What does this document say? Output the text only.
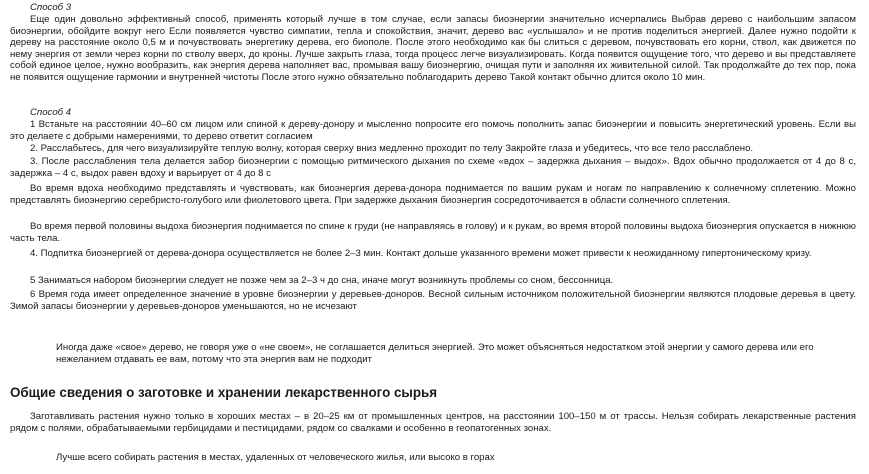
Способ 3

Еще один довольно эффективный способ, применять который лучше в том случае, если запасы биоэнергии значительно исчерпались Выбрав дерево с наибольшим запасом биоэнергии, обойдите вокруг него Если появляется чувство симпатии, тепла и спокойствия, значит, дерево вас «услышало» и не против поделиться энергией. Далее нужно подойти к дереву на расстояние около 0,5 м и почувствовать энергетику дерева, его биополе. После этого необходимо как бы слиться с деревом, почувствовать его корни, ствол, как движется по нему энергия от земли через корни по стволу вверх, до кроны. Лучше закрыть глаза, тогда процесс легче визуализировать. Когда появится ощущение того, что дерево и вы представляете собой единое целое, нужно вообразить, как энергия дерева наполняет вас, промывая вашу биоэнергию, очищая пути и заполняя их живительной силой. Так продолжайте до тех пор, пока не появится ощущение гармонии и внутренней чистоты После этого нужно обязательно поблагодарить дерево Такой контакт обычно длится около 10 мин.

Способ 4

1 Встаньте на расстоянии 40–60 см лицом или спиной к дереву-донору и мысленно попросите его помочь пополнить запас биоэнергии и повысить энергетический уровень. Если вы это делаете с добрыми намерениями, то дерево ответит согласием

2. Расслабьтесь, для чего визуализируйте теплую волну, которая сверху вниз медленно проходит по телу Закройте глаза и убедитесь, что все тело расслаблено.

3. После расслабления тела делается забор биоэнергии с помощью ритмического дыхания по схеме «вдох – задержка дыхания – выдох». Вдох обычно продолжается от 4 до 8 с, задержка – 4 с, выдох равен вдоху и варьирует от 4 до 8 с

Во время вдоха необходимо представлять и чувствовать, как биоэнергия дерева-донора поднимается по вашим рукам и ногам по направлению к солнечному сплетению. Можно представлять биоэнергию серебристо-голубого или фиолетового цвета. При задержке дыхания биоэнергия сосредоточивается в области солнечного сплетения.

Во время первой половины выдоха биоэнергия поднимается по спине к груди (не направляясь в голову) и к рукам, во время второй половины выдоха биоэнергия опускается в нижнюю часть тела.

4. Подпитка биоэнергией от дерева-донора осуществляется не более 2–3 мин. Контакт дольше указанного времени может привести к неожиданному гипертоническому кризу.

5 Заниматься набором биоэнергии следует не позже чем за 2–3 ч до сна, иначе могут возникнуть проблемы со сном, бессонница.

6 Время года имеет определенное значение в уровне биоэнергии у деревьев-доноров. Весной сильным источником положительной биоэнергии являются плодовые деревья в цвету. Зимой запасы биоэнергии у деревьев-доноров уменьшаются, но не исчезают

Иногда даже «свое» дерево, не говоря уже о «не своем», не соглашается делиться энергией. Это может объясняться недостатком этой энергии у самого дерева или его нежеланием отдавать ее вам, потому что эта энергия вам не подходит

Общие сведения о заготовке и хранении лекарственного сырья

Заготавливать растения нужно только в хороших местах – в 20–25 км от промышленных центров, на расстоянии 100–150 м от трассы. Нельзя собирать лекарственные растения рядом с полями, обрабатываемыми гербицидами и пестицидами, рядом со свалками и особенно в геопатогенных зонах.

Лучше всего собирать растения в местах, удаленных от человеческого жилья, или высоко в горах
